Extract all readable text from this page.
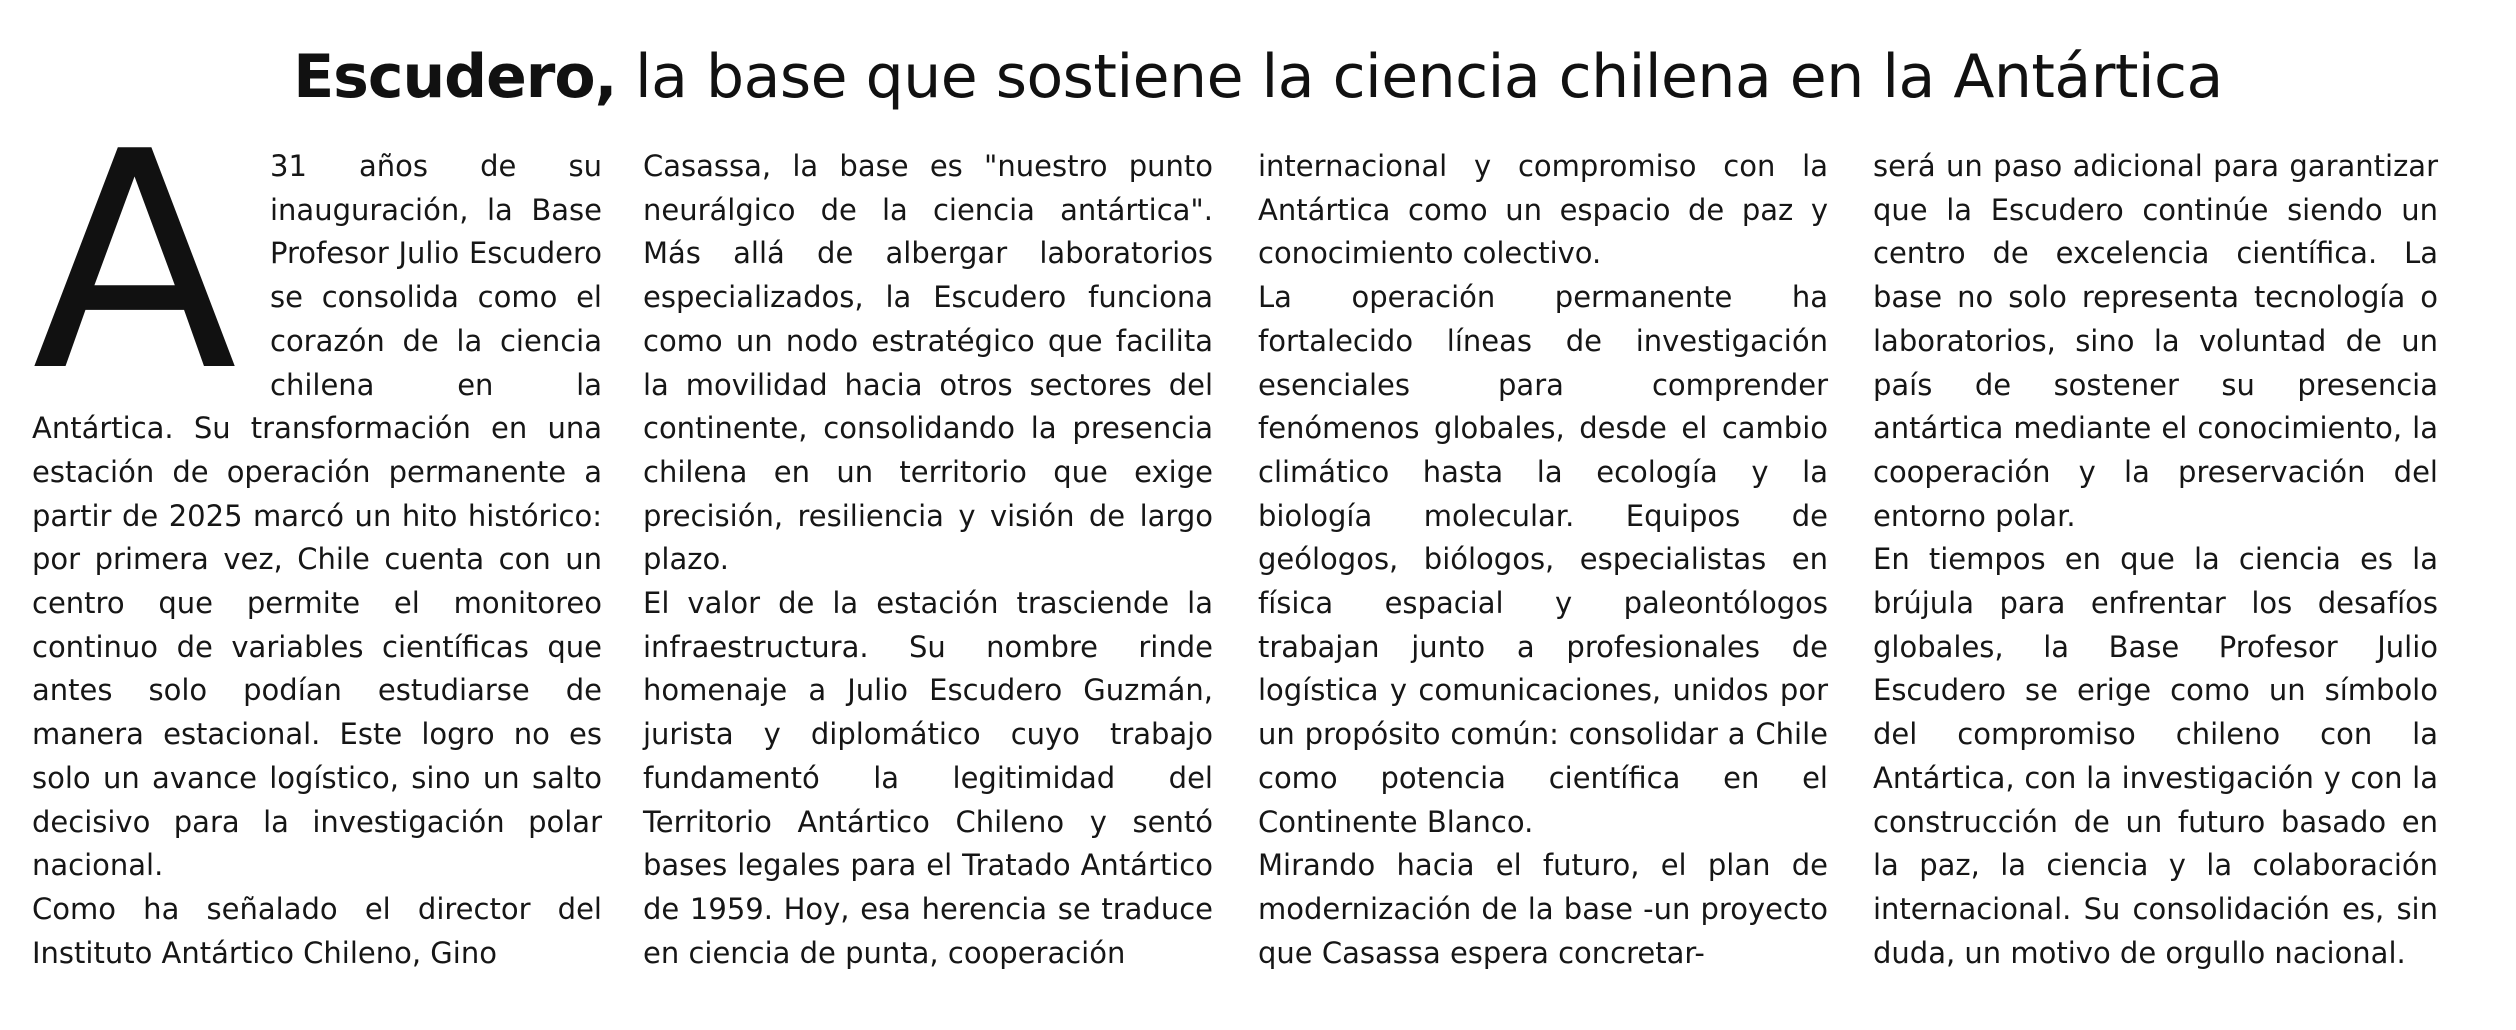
Escudero, la base que sostiene la ciencia chilena en la Antártica
A	31 años de su inauguración, la Base Profesor Julio Escudero se consolida como el corazón de la ciencia chilena en la Antártica. Su transformación en una estación de operación permanente a partir de 2025 marcó un hito histórico: por primera vez, Chile cuenta con un centro que permite el monitoreo continuo de variables científicas que antes solo podían estudiarse de manera estacional. Este logro no es solo un avance logístico, sino un salto decisivo para la investigación polar nacional.

Como ha señalado el director del Instituto Antártico Chileno, Gino

Casassa, la base es "nuestro punto neurálgico de la ciencia antártica". Más allá de albergar laboratorios especializados, la Escudero funciona como un nodo estratégico que facilita la movilidad hacia otros sectores del continente, consolidando la presencia chilena en un territorio que exige precisión, resiliencia y visión de largo plazo.

El valor de la estación trasciende la infraestructura. Su nombre rinde homenaje a Julio Escudero Guzmán, jurista y diplomático cuyo trabajo fundamentó la legitimidad del Territorio Antártico Chileno y sentó bases legales para el Tratado Antártico de 1959. Hoy, esa herencia se traduce en ciencia de punta, cooperación

internacional y compromiso con la Antártica como un espacio de paz y conocimiento colectivo.

La operación permanente ha fortalecido líneas de investigación esenciales para comprender fenómenos globales, desde el cambio climático hasta la ecología y la biología molecular. Equipos de geólogos, biólogos, especialistas en física espacial y paleontólogos trabajan junto a profesionales de logística y comunicaciones, unidos por un propósito común: consolidar a Chile como potencia científica en el Continente Blanco.

Mirando hacia el futuro, el plan de modernización de la base -un proyecto que Casassa espera concretar-

será un paso adicional para garantizar que la Escudero continúe siendo un centro de excelencia científica. La base no solo representa tecnología o laboratorios, sino la voluntad de un país de sostener su presencia antártica mediante el conocimiento, la cooperación y la preservación del entorno polar.

En tiempos en que la ciencia es la brújula para enfrentar los desafíos globales, la Base Profesor Julio Escudero se erige como un símbolo del compromiso chileno con la Antártica, con la investigación y con la construcción de un futuro basado en la paz, la ciencia y la colaboración internacional. Su consolidación es, sin duda, un motivo de orgullo nacional.
